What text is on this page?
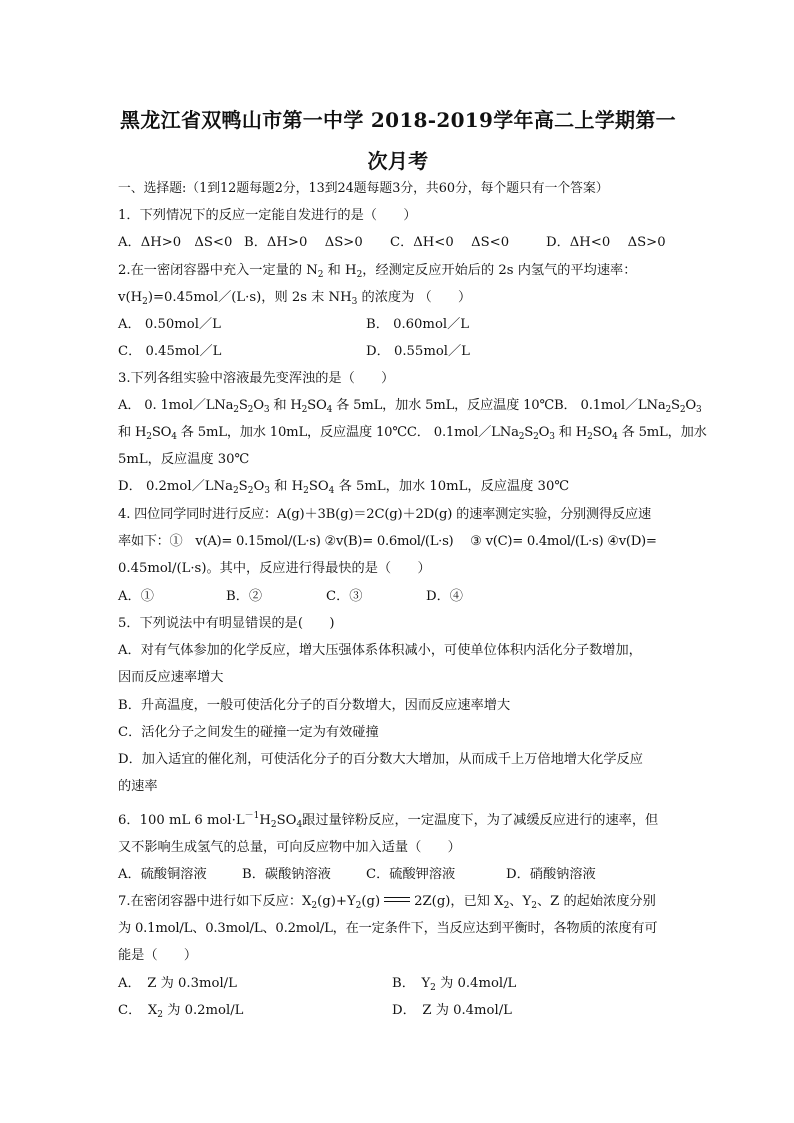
黑龙江省双鸭山市第一中学 2018-2019学年高二上学期第一
次月考
一、选择题:（1到12题每题2分，13到24题每题3分，共60分，每个题只有一个答案）
1．下列情况下的反应一定能自发进行的是（　　）
A．ΔH>0　ΔS<0 B．ΔH>0　 ΔS>0 C．ΔH<0　 ΔS<0	D．ΔH<0　 ΔS>0
2.在一密闭容器中充入一定量的 $N_2$ 和 $H_2$，经测定反应开始后的 2s 内氢气的平均速率：
$v(H_2)=0.45mol/(L\cdot s)$，则 2s 末 $NH_3$ 的浓度为 （　　）
A． 0.50mol／L	B． 0.60mol／L
C． 0.45mol／L	D． 0.55mol／L
3.下列各组实验中溶液最先变浑浊的是（　　）
A． 0. $1mol/LNa_2S_2O_3$ 和 $H_2SO_4$ 各 5mL，加水 5mL，反应温度 10℃B． $0.1mol/LNa_2S_2O_3$
和 $H_2SO_4$ 各 5mL，加水 10mL，反应温度 10℃C． $0.1mol/LNa_2S_2O_3$ 和 $H_2SO_4$ 各 5mL，加水
5mL，反应温度 30℃
D． $0.2mol/LNa_2S_2O_3$ 和 $H_2SO_4$ 各 5mL，加水 10mL，反应温度 30℃
4. 四位同学同时进行反应：A(g)＋3B(g)＝2C(g)＋2D(g) 的速率测定实验，分别测得反应速
率如下：①　v(A)= 0.15mol/(L·s) ②v(B)= 0.6mol/(L·s)　 ③ v(C)= 0.4mol/(L·s) ④v(D)=
0.45mol/(L·s)。其中，反应进行得最快的是（　　）
A．①	B．②	C．③	D．④
5．下列说法中有明显错误的是(　　)
A．对有气体参加的化学反应，增大压强体系体积减小，可使单位体积内活化分子数增加，
因而反应速率增大
B．升高温度，一般可使活化分子的百分数增大，因而反应速率增大
C．活化分子之间发生的碰撞一定为有效碰撞
D．加入适宜的催化剂，可使活化分子的百分数大大增加，从而成千上万倍地增大化学反应
的速率
6．100 mL 6 $mol\cdot L^{-1}H_2SO_4$跟过量锌粉反应，一定温度下，为了减缓反应进行的速率，但
又不影响生成氢气的总量，可向反应物中加入适量（　　）
A．硫酸铜溶液	B．碳酸钠溶液	C．硫酸钾溶液	D．硝酸钠溶液
7.在密闭容器中进行如下反应：$X_2(g)+Y_2(g)$	2Z(g)，已知 $X_2$、$Y_2$、Z 的起始浓度分别
为 0.1mol/L、0.3mol/L、0.2mol/L，在一定条件下，当反应达到平衡时，各物质的浓度有可
能是（　　）
A．　Z 为 0.3mol/L	B．　$Y_2$ 为 0.4mol/L
C．　$X_2$ 为 0.2mol/L	D．　Z 为 0.4mol/L
